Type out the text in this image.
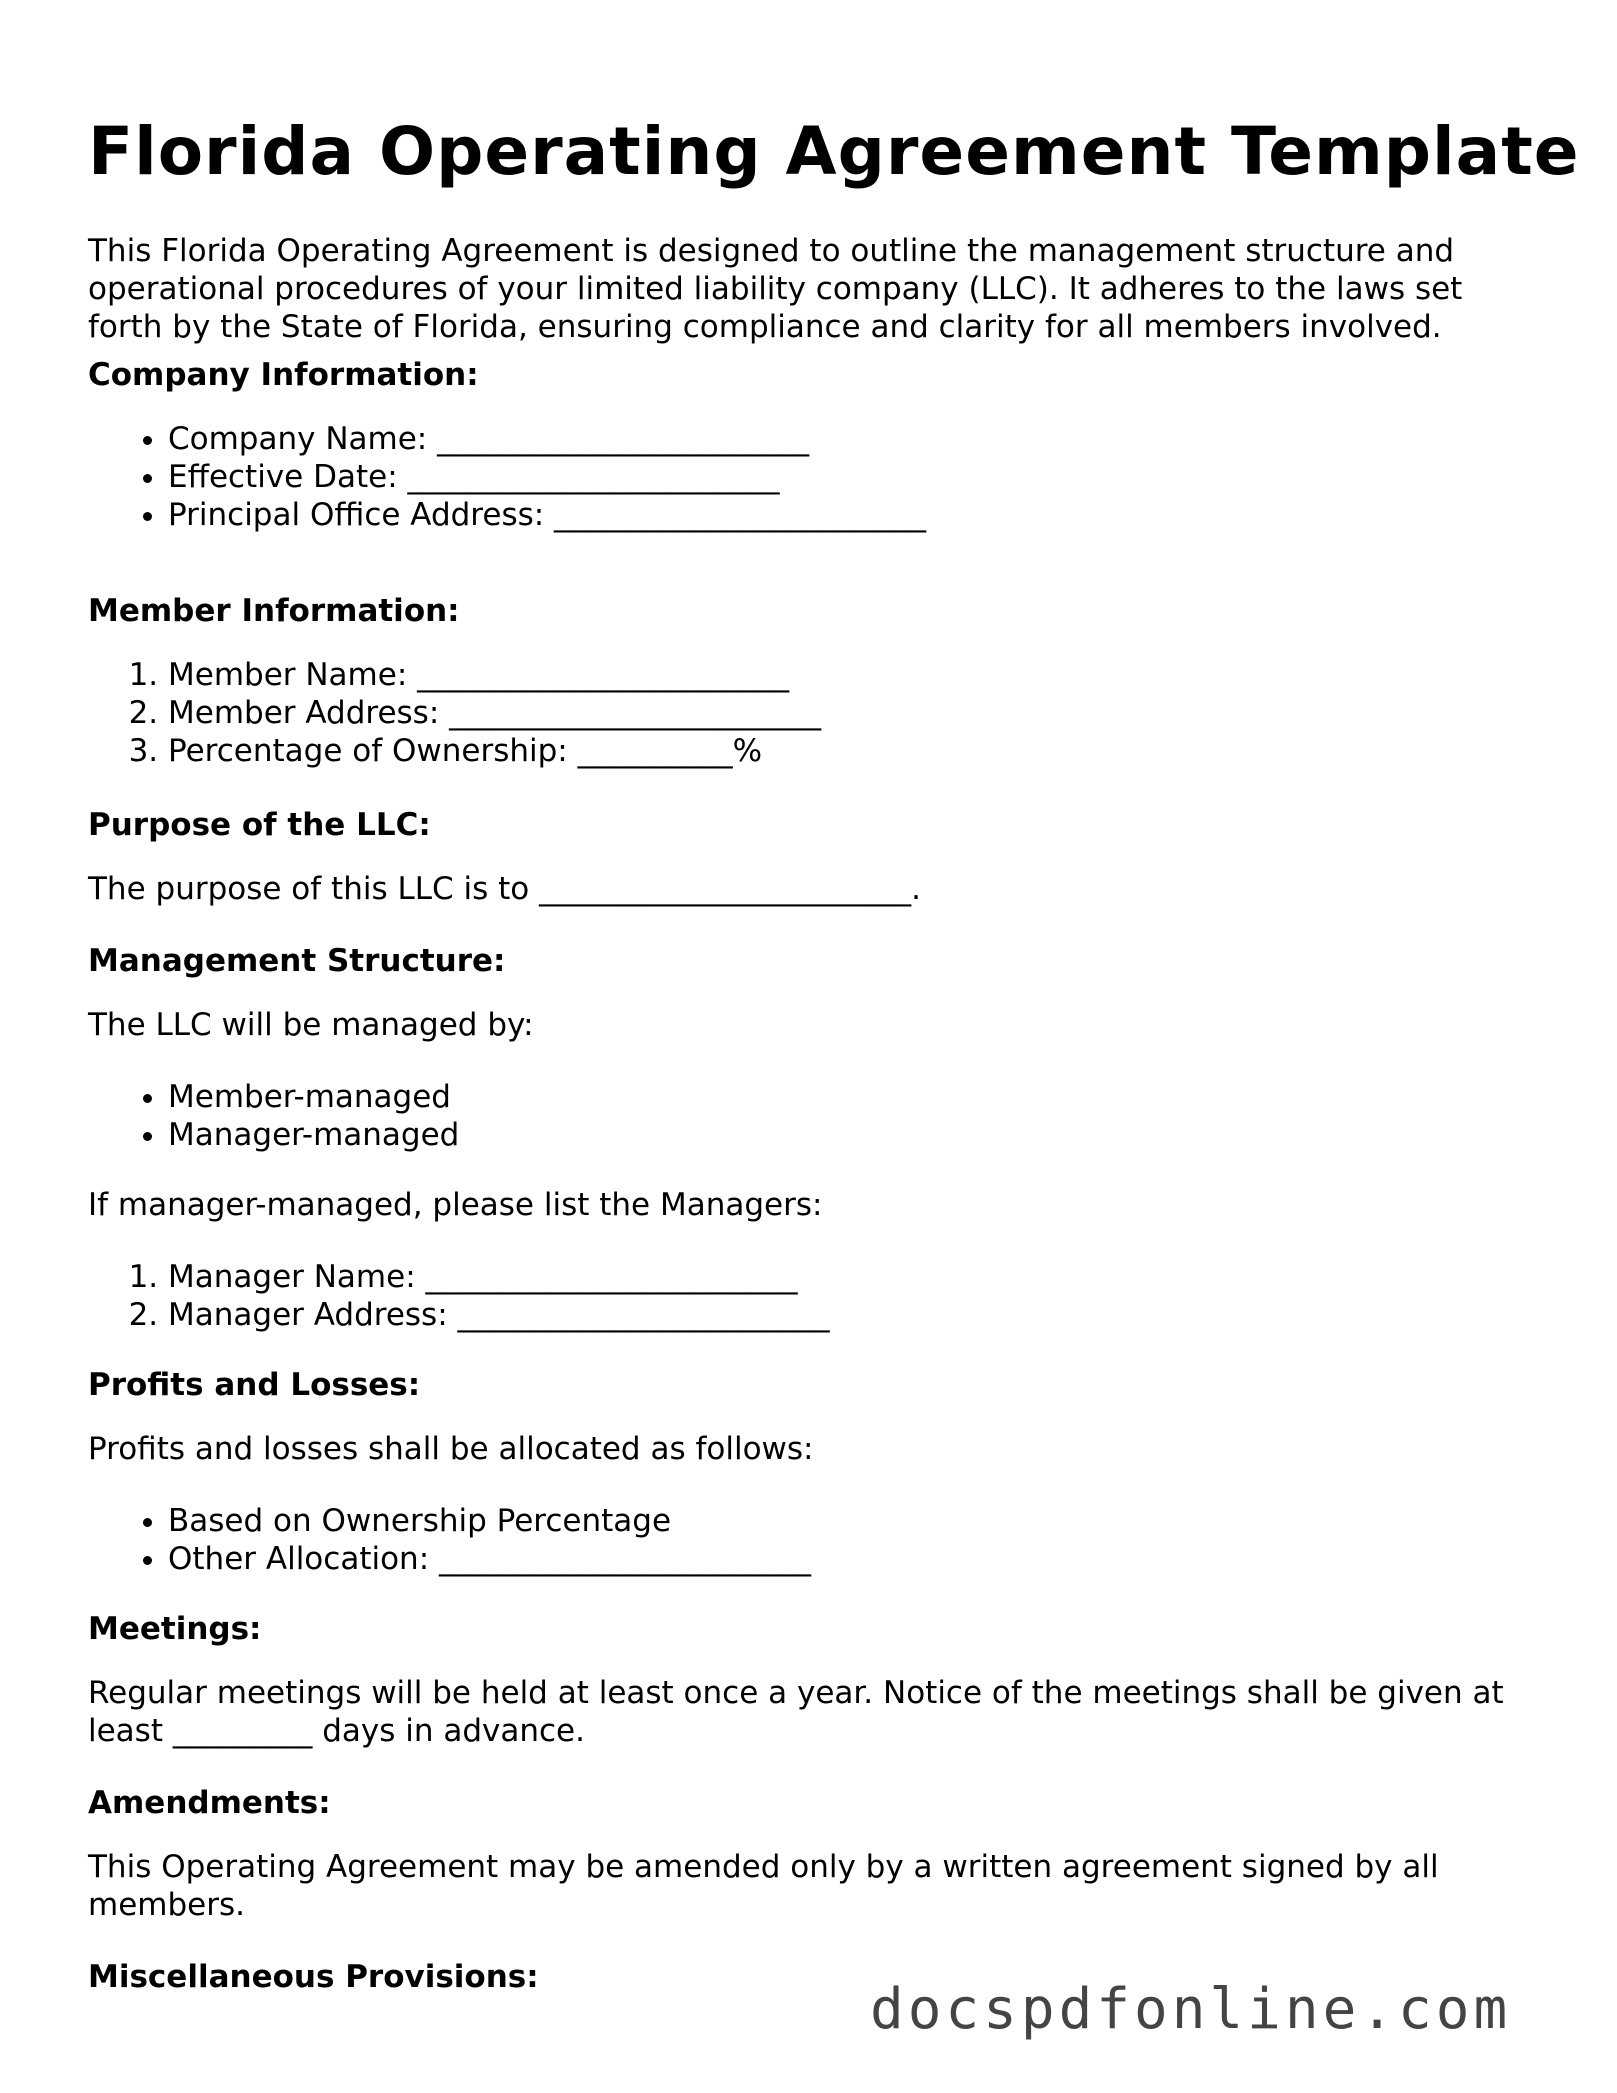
Florida Operating Agreement Template
This Florida Operating Agreement is designed to outline the management structure and operational procedures of your limited liability company (LLC). It adheres to the laws set forth by the State of Florida, ensuring compliance and clarity for all members involved.
Company Information:
• Company Name: ________________________
• Effective Date: ________________________
• Principal Office Address: ________________________
Member Information:
1. Member Name: ________________________
2. Member Address: ________________________
3. Percentage of Ownership: __________%
Purpose of the LLC:
The purpose of this LLC is to ________________________.
Management Structure:
The LLC will be managed by:
• Member-managed
• Manager-managed
If manager-managed, please list the Managers:
1. Manager Name: ________________________
2. Manager Address: ________________________
Profits and Losses:
Profits and losses shall be allocated as follows:
• Based on Ownership Percentage
• Other Allocation: ________________________
Meetings:
Regular meetings will be held at least once a year. Notice of the meetings shall be given at least _________ days in advance.
Amendments:
This Operating Agreement may be amended only by a written agreement signed by all members.
Miscellaneous Provisions:	docspdfonline.com
